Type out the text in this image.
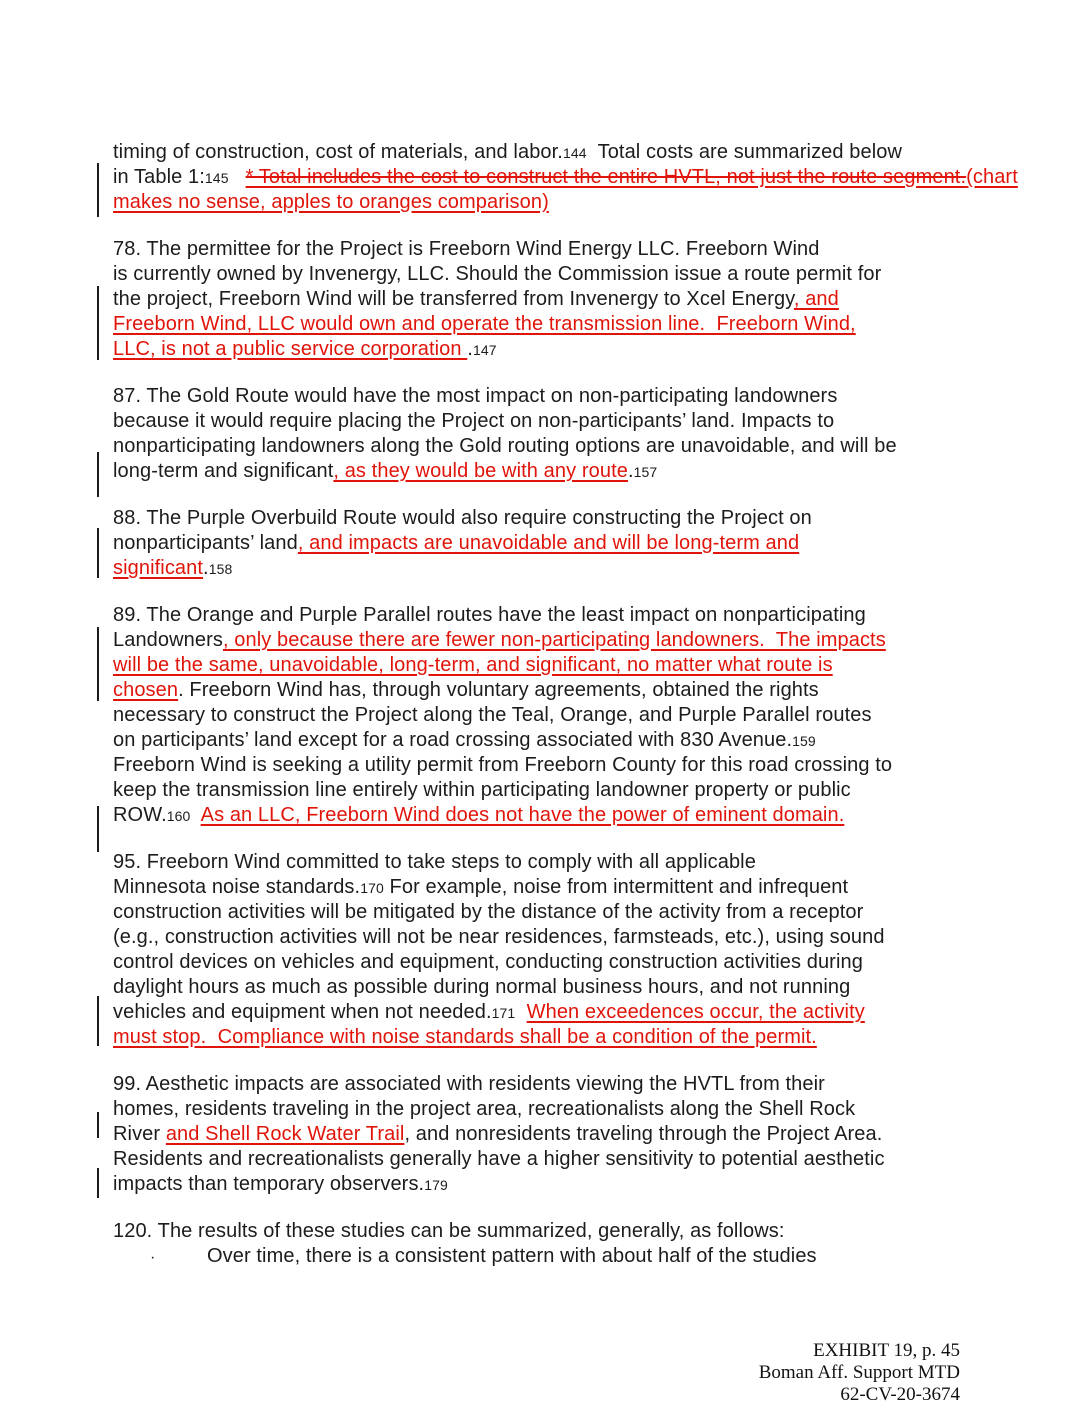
timing of construction, cost of materials, and labor.144  Total costs are summarized below
in Table 1:145 * Total includes the cost to construct the entire HVTL, not just the route segment.(chart
makes no sense, apples to oranges comparison)
78. The permittee for the Project is Freeborn Wind Energy LLC. Freeborn Wind
is currently owned by Invenergy, LLC. Should the Commission issue a route permit for
the project, Freeborn Wind will be transferred from Invenergy to Xcel Energy, and
Freeborn Wind, LLC would own and operate the transmission line.  Freeborn Wind,
LLC, is not a public service corporation .147
87. The Gold Route would have the most impact on non-participating landowners
because it would require placing the Project on non-participants’ land. Impacts to
nonparticipating landowners along the Gold routing options are unavoidable, and will be
long-term and significant, as they would be with any route.157
88. The Purple Overbuild Route would also require constructing the Project on
nonparticipants’ land, and impacts are unavoidable and will be long-term and
significant.158
89. The Orange and Purple Parallel routes have the least impact on nonparticipating
Landowners, only because there are fewer non-participating landowners.  The impacts
will be the same, unavoidable, long-term, and significant, no matter what route is
chosen. Freeborn Wind has, through voluntary agreements, obtained the rights
necessary to construct the Project along the Teal, Orange, and Purple Parallel routes
on participants’ land except for a road crossing associated with 830 Avenue.159
Freeborn Wind is seeking a utility permit from Freeborn County for this road crossing to
keep the transmission line entirely within participating landowner property or public
ROW.160 As an LLC, Freeborn Wind does not have the power of eminent domain.
95. Freeborn Wind committed to take steps to comply with all applicable
Minnesota noise standards.170 For example, noise from intermittent and infrequent
construction activities will be mitigated by the distance of the activity from a receptor
(e.g., construction activities will not be near residences, farmsteads, etc.), using sound
control devices on vehicles and equipment, conducting construction activities during
daylight hours as much as possible during normal business hours, and not running
vehicles and equipment when not needed.171 When exceedences occur, the activity
must stop.  Compliance with noise standards shall be a condition of the permit.
99. Aesthetic impacts are associated with residents viewing the HVTL from their
homes, residents traveling in the project area, recreationalists along the Shell Rock
River and Shell Rock Water Trail, and nonresidents traveling through the Project Area.
Residents and recreationalists generally have a higher sensitivity to potential aesthetic
impacts than temporary observers.179
120. The results of these studies can be summarized, generally, as follows:
·	Over time, there is a consistent pattern with about half of the studies
EXHIBIT 19, p. 45
Boman Aff. Support MTD
62-CV-20-3674
